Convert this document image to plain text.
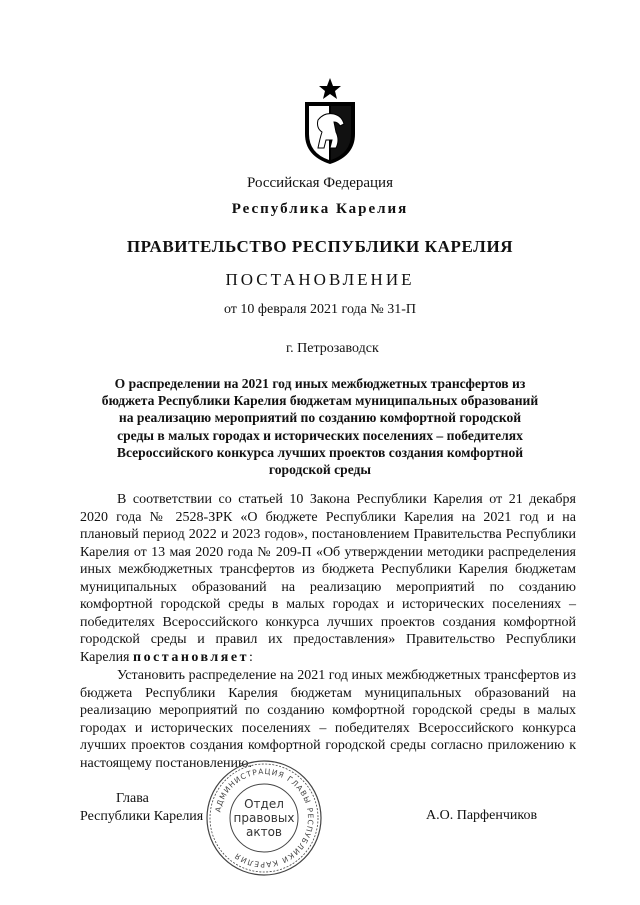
Российская Федерация
Республика Карелия
ПРАВИТЕЛЬСТВО РЕСПУБЛИКИ КАРЕЛИЯ
ПОСТАНОВЛЕНИЕ
от 10 февраля 2021 года № 31-П
г. Петрозаводск
О распределении на 2021 год иных межбюджетных трансфертов из бюджета Республики Карелия бюджетам муниципальных образований на реализацию мероприятий по созданию комфортной городской среды в малых городах и исторических поселениях – победителях Всероссийского конкурса лучших проектов создания комфортной городской среды

В соответствии со статьей 10 Закона Республики Карелия от 21 декабря 2020 года № 2528-ЗРК «О бюджете Республики Карелия на 2021 год и на плановый период 2022 и 2023 годов», постановлением Правительства Республики Карелия от 13 мая 2020 года № 209-П «Об утверждении методики распределения иных межбюджетных трансфертов из бюджета Республики Карелия бюджетам муниципальных образований на реализацию мероприятий по созданию комфортной городской среды в малых городах и исторических поселениях – победителях Всероссийского конкурса лучших проектов создания комфортной городской среды и правил их предоставления» Правительство Республики Карелия постановляет:

Установить распределение на 2021 год иных межбюджетных трансфертов из бюджета Республики Карелия бюджетам муниципальных образований на реализацию мероприятий по созданию комфортной городской среды в малых городах и исторических поселениях – победителях Всероссийского конкурса лучших проектов создания комфортной городской среды согласно приложению к настоящему постановлению.

Глава
Республики Карелия	А.О. Парфенчиков
АДМИНИСТРАЦИЯ ГЛАВЫ РЕСПУБЛИКИ КАРЕЛИЯ
Отдел
правовых
актов
